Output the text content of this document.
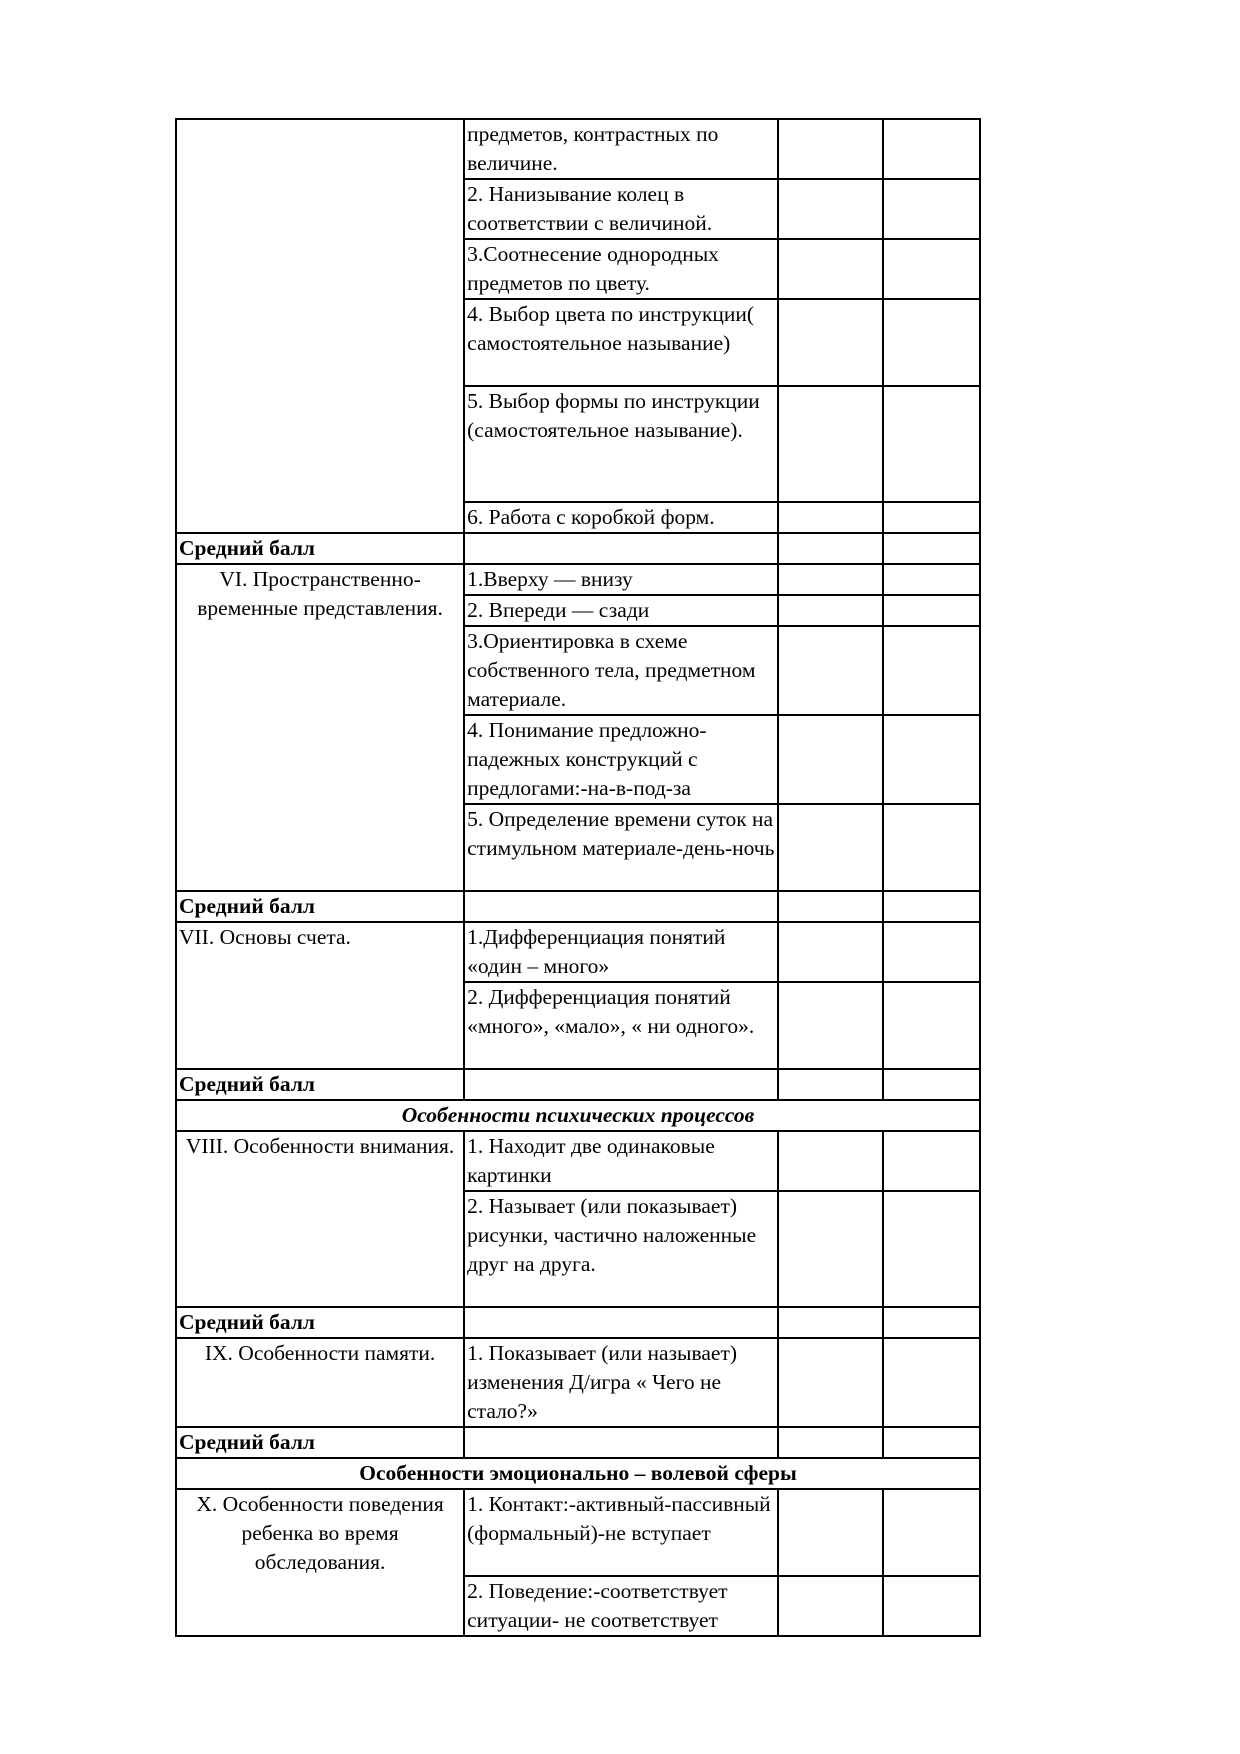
	предметов, контрастных по величине.		
	2. Нанизывание колец в соответствии с величиной.		
	3.Соотнесение однородных предметов по цвету.		
	4. Выбор цвета по инструкции( самостоятельное называние)		
	5. Выбор формы по инструкции (самостоятельное называние).		
	6. Работа с коробкой форм.		
Средний балл			
VI. Пространственно-временные представления.	1.Вверху — внизу		
	2. Впереди — сзади		
	3.Ориентировка в схеме собственного тела, предметном материале.		
	4. Понимание предложно-падежных конструкций с предлогами:-на-в-под-за		
	5. Определение времени суток на стимульном материале-день-ночь		
Средний балл			
VII. Основы счета.	1.Дифференциация понятий «один – много»		
	2. Дифференциация понятий «много», «мало», « ни одного».		
Средний балл			
Особенности психических процессов			
VIII. Особенности внимания.	1. Находит две одинаковые картинки		
	2. Называет (или показывает) рисунки, частично наложенные друг на друга.		
Средний балл			
IX. Особенности памяти.	1. Показывает (или называет) изменения Д/игра « Чего не стало?»		
Средний балл			
Особенности эмоционально – волевой сферы			
X. Особенности поведения ребенка во время обследования.	1. Контакт:-активный-пассивный (формальный)-не вступает		
	2. Поведение:-соответствует ситуации- не соответствует		
